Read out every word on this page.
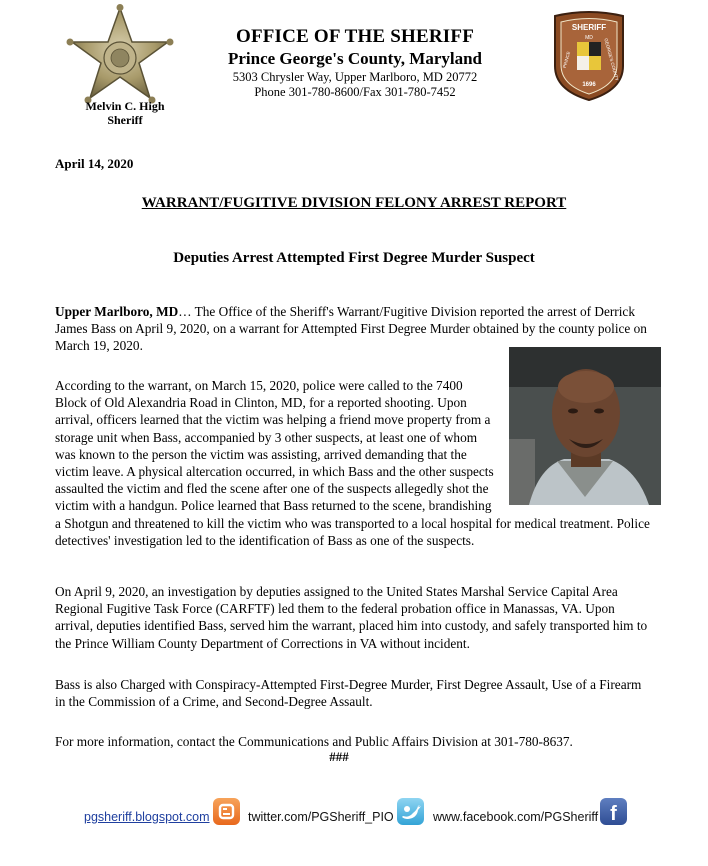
Melvin C. High
Sheriff
OFFICE OF THE SHERIFF
Prince George's County, Maryland
5303 Chrysler Way, Upper Marlboro, MD 20772
Phone 301-780-8600/Fax 301-780-7452
SHERIFF
MD
PRINCE	GEORGE'S COUNTY
1696
April 14, 2020
WARRANT/FUGITIVE DIVISION FELONY ARREST REPORT
Deputies Arrest Attempted First Degree Murder Suspect

Upper Marlboro, MD… The Office of the Sheriff's Warrant/Fugitive Division reported the arrest of Derrick James Bass on April 9, 2020, on a warrant for Attempted First Degree Murder obtained by the county police on March 19, 2020.

According to the warrant, on March 15, 2020, police were called to the 7400 Block of Old Alexandria Road in Clinton, MD, for a reported shooting. Upon arrival, officers learned that the victim was helping a friend move property from a storage unit when Bass, accompanied by 3 other suspects, at least one of whom was known to the person the victim was assisting, arrived demanding that the victim leave. A physical altercation occurred, in which Bass and the other suspects assaulted the victim and fled the scene after one of the suspects allegedly shot the victim with a handgun. Police learned that Bass returned to the scene, brandishing a Shotgun and threatened to kill the victim who was transported to a local hospital for medical treatment. Police detectives' investigation led to the identification of Bass as one of the suspects.

On April 9, 2020, an investigation by deputies assigned to the United States Marshal Service Capital Area Regional Fugitive Task Force (CARFTF) led them to the federal probation office in Manassas, VA. Upon arrival, deputies identified Bass, served him the warrant, placed him into custody, and safely transported him to the Prince William County Department of Corrections in VA without incident.

Bass is also Charged with Conspiracy-Attempted First-Degree Murder, First Degree Assault, Use of a Firearm in the Commission of a Crime, and Second-Degree Assault.

For more information, contact the Communications and Public Affairs Division at 301-780-8637.

###
pgsheriff.blogspot.com	twitter.com/PGSheriff_PIO	www.facebook.com/PGSheriff f
